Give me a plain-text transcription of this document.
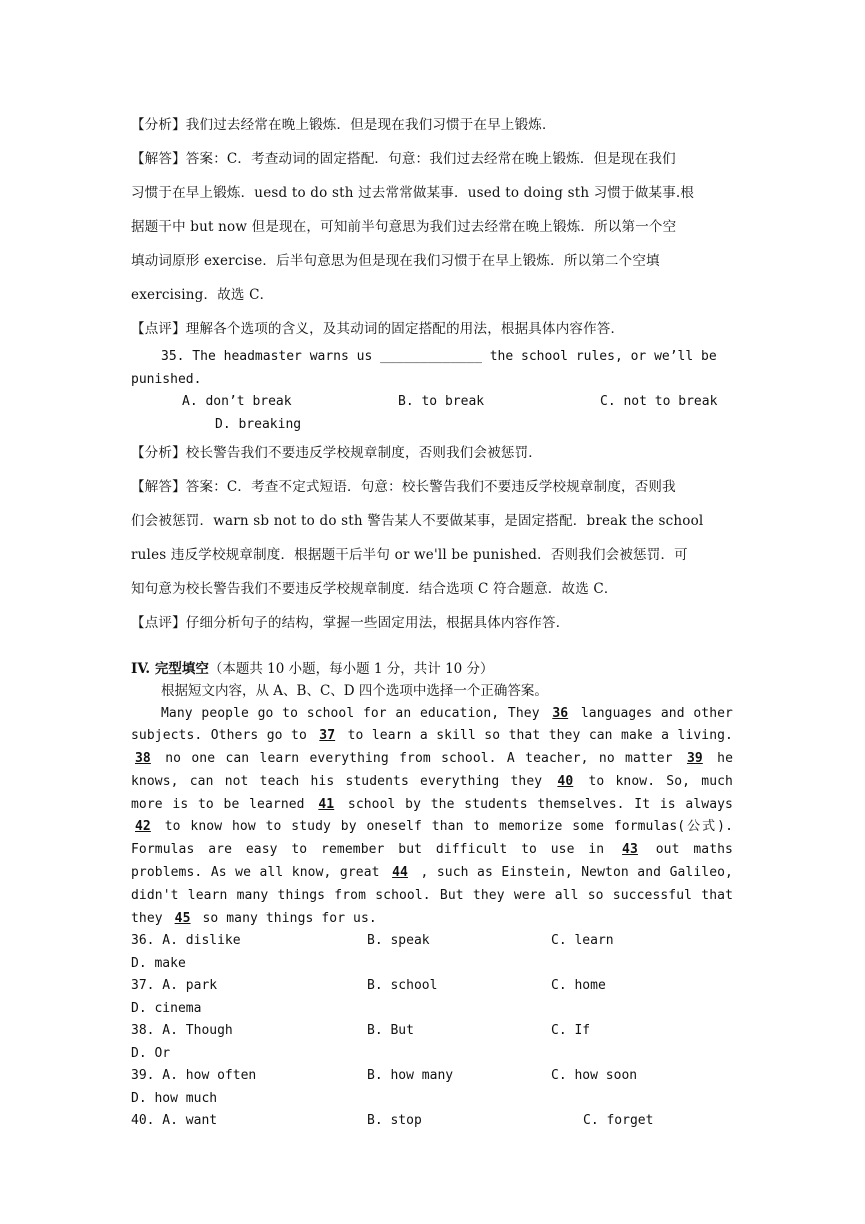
【分析】我们过去经常在晚上锻炼．但是现在我们习惯于在早上锻炼．

【解答】答案：C．考查动词的固定搭配．句意：我们过去经常在晚上锻炼．但是现在我们

习惯于在早上锻炼．uesd to do sth 过去常常做某事．used to doing sth 习惯于做某事.根

据题干中 but now 但是现在，可知前半句意思为我们过去经常在晚上锻炼．所以第一个空

填动词原形 exercise．后半句意思为但是现在我们习惯于在早上锻炼．所以第二个空填

exercising．故选 C．

【点评】理解各个选项的含义，及其动词的固定搭配的用法，根据具体内容作答．

35. The headmaster warns us _____________ the school rules, or we’ll be

punished.

A. don’t break	B. to break	C. not to break
D. breaking

【分析】校长警告我们不要违反学校规章制度，否则我们会被惩罚．

【解答】答案：C．考查不定式短语．句意：校长警告我们不要违反学校规章制度，否则我

们会被惩罚．warn sb not to do sth 警告某人不要做某事，是固定搭配．break the school

rules 违反学校规章制度．根据题干后半句 or we'll be punished．否则我们会被惩罚．可

知句意为校长警告我们不要违反学校规章制度．结合选项 C 符合题意．故选 C．

【点评】仔细分析句子的结构，掌握一些固定用法，根据具体内容作答．

IV. 完型填空（本题共 10 小题，每小题 1 分，共计 10 分）

根据短文内容，从 A、B、C、D 四个选项中选择一个正确答案。

Many people go to school for an education, They 36 languages and other subjects. Others go to 37 to learn a skill so that they can make a living. 38 no one can learn everything from school. A teacher, no matter 39 he knows, can not teach his students everything they 40 to know. So, much more is to be learned 41 school by the students themselves. It is always 42 to know how to study by oneself than to memorize some formulas(公式). Formulas are easy to remember but difficult to use in 43 out maths problems. As we all know, great 44 , such as Einstein, Newton and Galileo, didn't learn many things from school. But they were all so successful that they 45 so many things for us.

36. A. dislike	B. speak	C. learn
D. make
37. A. park	B. school	C. home
D. cinema
38. A. Though	B. But	C. If
D. Or
39. A. how often	B. how many	C. how soon
D. how much
40. A. want	B. stop	C. forget
